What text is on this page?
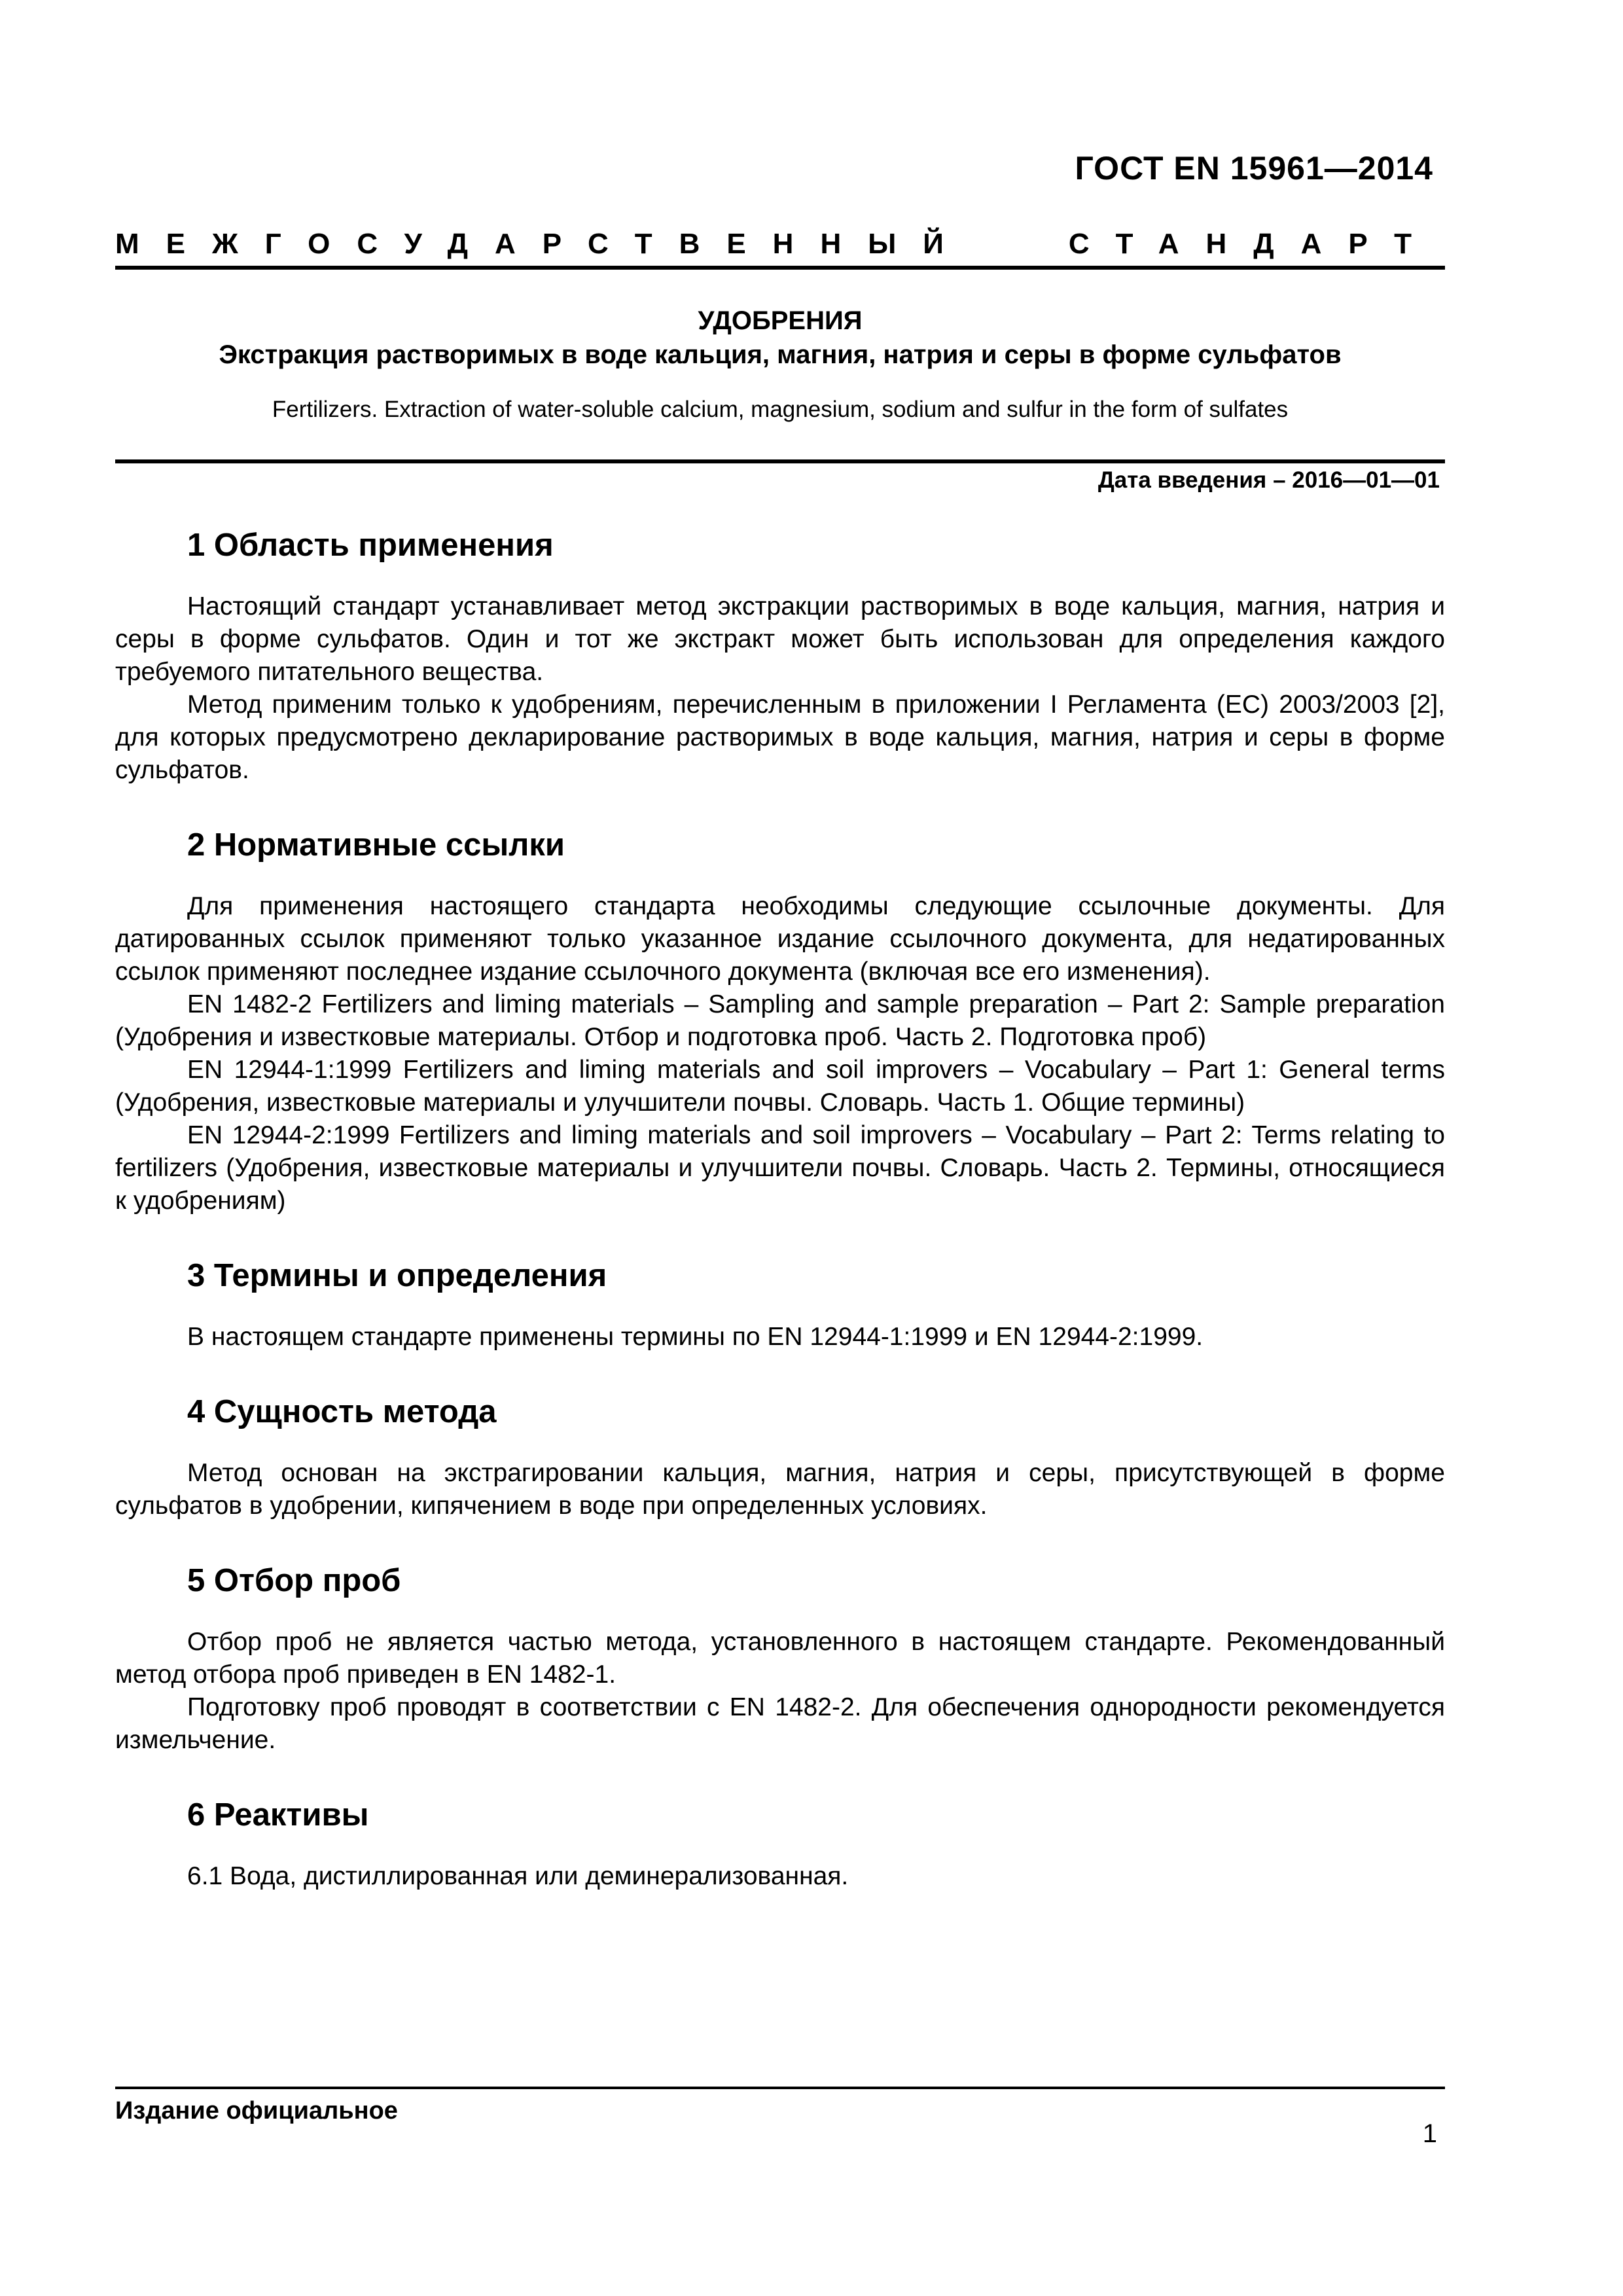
ГОСТ EN 15961—2014
МЕЖГОСУДАРСТВЕННЫЙ	СТАНДАРТ
УДОБРЕНИЯ
Экстракция растворимых в воде кальция, магния, натрия и серы в форме сульфатов
Fertilizers. Extraction of water-soluble calcium, magnesium, sodium and sulfur in the form of sulfates
Дата введения – 2016—01—01
1 Область применения

Настоящий стандарт устанавливает метод экстракции растворимых в воде кальция, магния, натрия и серы в форме сульфатов. Один и тот же экстракт может быть использован для определения каждого требуемого питательного вещества.

Метод применим только к удобрениям, перечисленным в приложении I Регламента (ЕС) 2003/2003 [2], для которых предусмотрено декларирование растворимых в воде кальция, магния, натрия и серы в форме сульфатов.

2 Нормативные ссылки

Для применения настоящего стандарта необходимы следующие ссылочные документы. Для датированных ссылок применяют только указанное издание ссылочного документа, для недатированных ссылок применяют последнее издание ссылочного документа (включая все его изменения).

EN 1482-2 Fertilizers and liming materials – Sampling and sample preparation – Part 2: Sample preparation (Удобрения и известковые материалы. Отбор и подготовка проб. Часть 2. Подготовка проб)

EN 12944-1:1999 Fertilizers and liming materials and soil improvers – Vocabulary – Part 1: General terms (Удобрения, известковые материалы и улучшители почвы. Словарь. Часть 1. Общие термины)

EN 12944-2:1999 Fertilizers and liming materials and soil improvers – Vocabulary – Part 2: Terms relating to fertilizers (Удобрения, известковые материалы и улучшители почвы. Словарь. Часть 2. Термины, относящиеся к удобрениям)

3 Термины и определения

В настоящем стандарте применены термины по EN 12944-1:1999 и EN 12944-2:1999.

4 Сущность метода

Метод основан на экстрагировании кальция, магния, натрия и серы, присутствующей в форме сульфатов в удобрении, кипячением в воде при определенных условиях.

5 Отбор проб

Отбор проб не является частью метода, установленного в настоящем стандарте. Рекомендованный метод отбора проб приведен в EN 1482-1.

Подготовку проб проводят в соответствии с EN 1482-2. Для обеспечения однородности рекомендуется измельчение.

6 Реактивы

6.1 Вода, дистиллированная или деминерализованная.

Издание официальное
1
